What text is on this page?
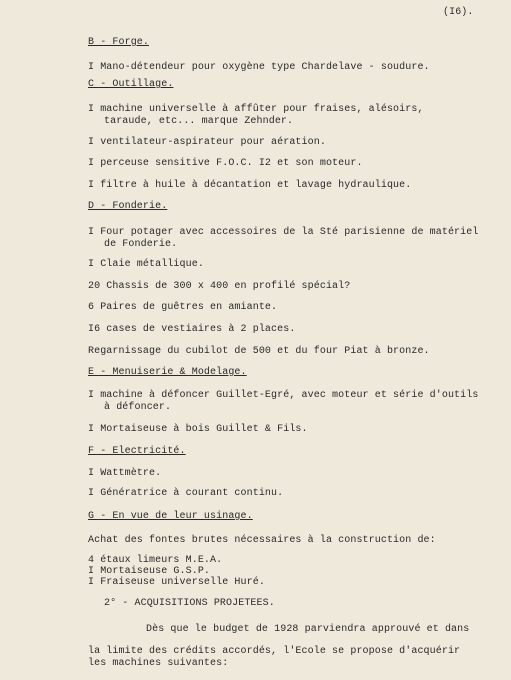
(I6).
B - Forge.
I Mano-détendeur pour oxygène type Chardelave - soudure.
C - Outillage.
I machine universelle à affûter pour fraises, alésoirs,
taraude, etc... marque Zehnder.
I ventilateur-aspirateur pour aération.
I perceuse sensitive F.O.C. I2 et son moteur.
I filtre à huile à décantation et lavage hydraulique.
D - Fonderie.
I Four potager avec accessoires de la Sté parisienne de matériel
de Fonderie.
I Claie métallique.
20 Chassis de 300 x 400 en profilé spécial?
6 Paires de guêtres en amiante.
I6 cases de vestiaires à 2 places.
Regarnissage du cubilot de 500 et du four Piat à bronze.
E - Menuiserie & Modelage.
I machine à défoncer Guillet-Egré, avec moteur et série d'outils
à défoncer.
I Mortaiseuse à bois Guillet & Fils.
F - Electricité.
I Wattmètre.
I Génératrice à courant continu.
G - En vue de leur usinage.
Achat des fontes brutes nécessaires à la construction de:
4 étaux limeurs M.E.A.
I Mortaiseuse G.S.P.
I Fraiseuse universelle Huré.
2° - ACQUISITIONS PROJETEES.
Dès que le budget de 1928 parviendra approuvé et dans
la limite des crédits accordés, l'Ecole se propose d'acquérir
les machines suivantes:
